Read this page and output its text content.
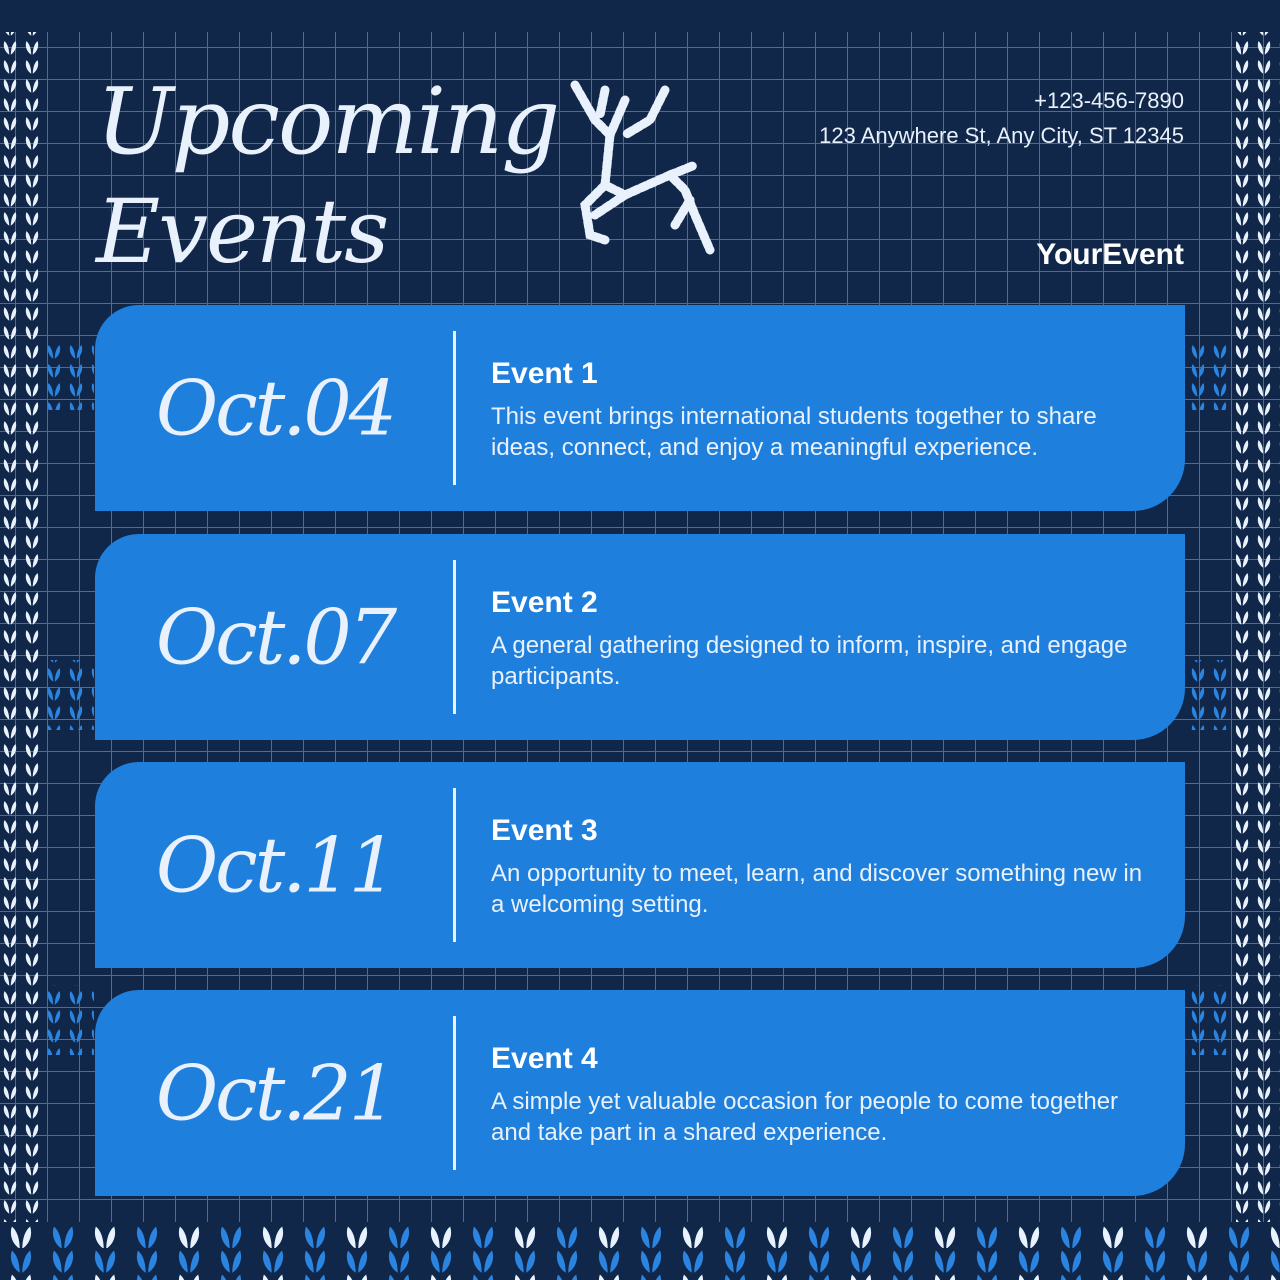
Upcoming
Events
+123-456-7890
123 Anywhere St, Any City, ST 12345
YourEvent
Oct.04	Event 1
This event brings international students together to share ideas, connect, and enjoy a meaningful experience.
Oct.07	Event 2
A general gathering designed to inform, inspire, and engage participants.
Oct.11	Event 3
An opportunity to meet, learn, and discover something new in a welcoming setting.
Oct.21	Event 4
A simple yet valuable occasion for people to come together and take part in a shared experience.
